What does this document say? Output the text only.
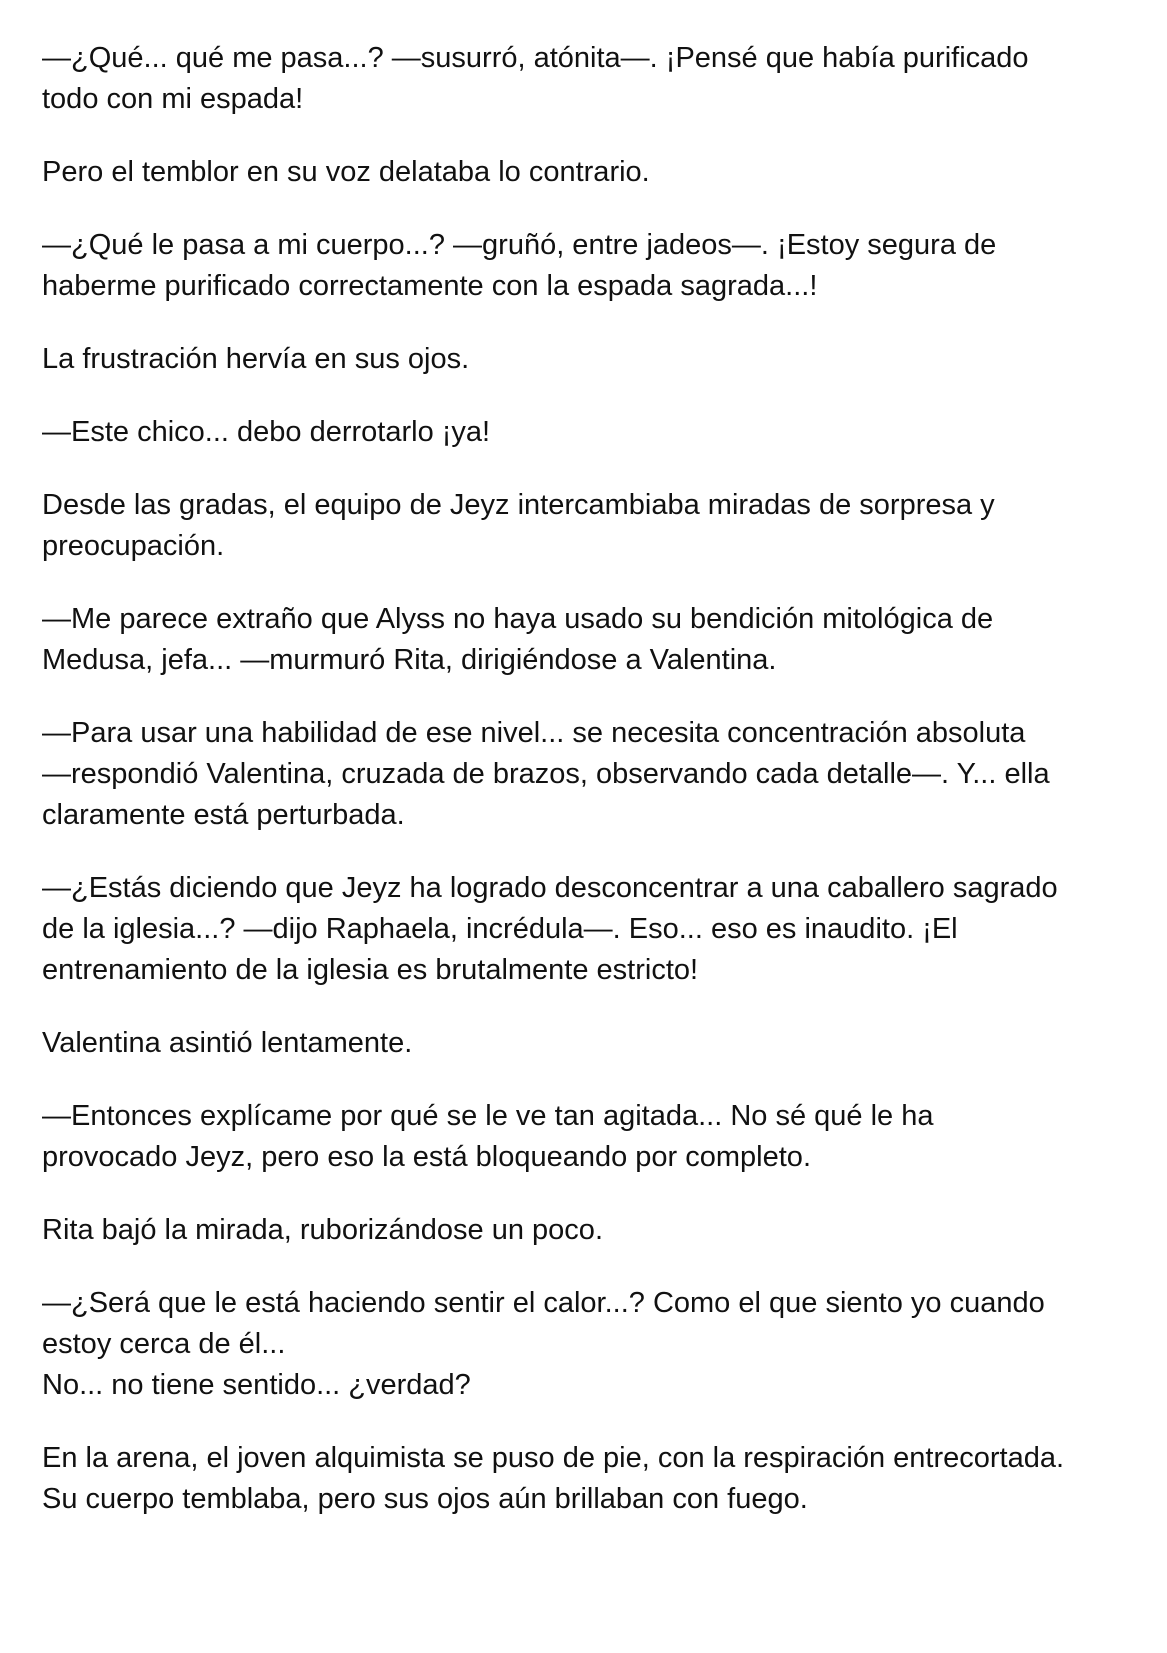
—¿Qué... qué me pasa...? —susurró, atónita—. ¡Pensé que había purificado
todo con mi espada!

Pero el temblor en su voz delataba lo contrario.

—¿Qué le pasa a mi cuerpo...? —gruñó, entre jadeos—. ¡Estoy segura de
haberme purificado correctamente con la espada sagrada...!

La frustración hervía en sus ojos.

—Este chico... debo derrotarlo ¡ya!

Desde las gradas, el equipo de Jeyz intercambiaba miradas de sorpresa y
preocupación.

—Me parece extraño que Alyss no haya usado su bendición mitológica de
Medusa, jefa... —murmuró Rita, dirigiéndose a Valentina.

—Para usar una habilidad de ese nivel... se necesita concentración absoluta
—respondió Valentina, cruzada de brazos, observando cada detalle—. Y... ella
claramente está perturbada.

—¿Estás diciendo que Jeyz ha logrado desconcentrar a una caballero sagrado
de la iglesia...? —dijo Raphaela, incrédula—. Eso... eso es inaudito. ¡El
entrenamiento de la iglesia es brutalmente estricto!

Valentina asintió lentamente.

—Entonces explícame por qué se le ve tan agitada... No sé qué le ha
provocado Jeyz, pero eso la está bloqueando por completo.

Rita bajó la mirada, ruborizándose un poco.

—¿Será que le está haciendo sentir el calor...? Como el que siento yo cuando
estoy cerca de él...
No... no tiene sentido... ¿verdad?

En la arena, el joven alquimista se puso de pie, con la respiración entrecortada.
Su cuerpo temblaba, pero sus ojos aún brillaban con fuego.
